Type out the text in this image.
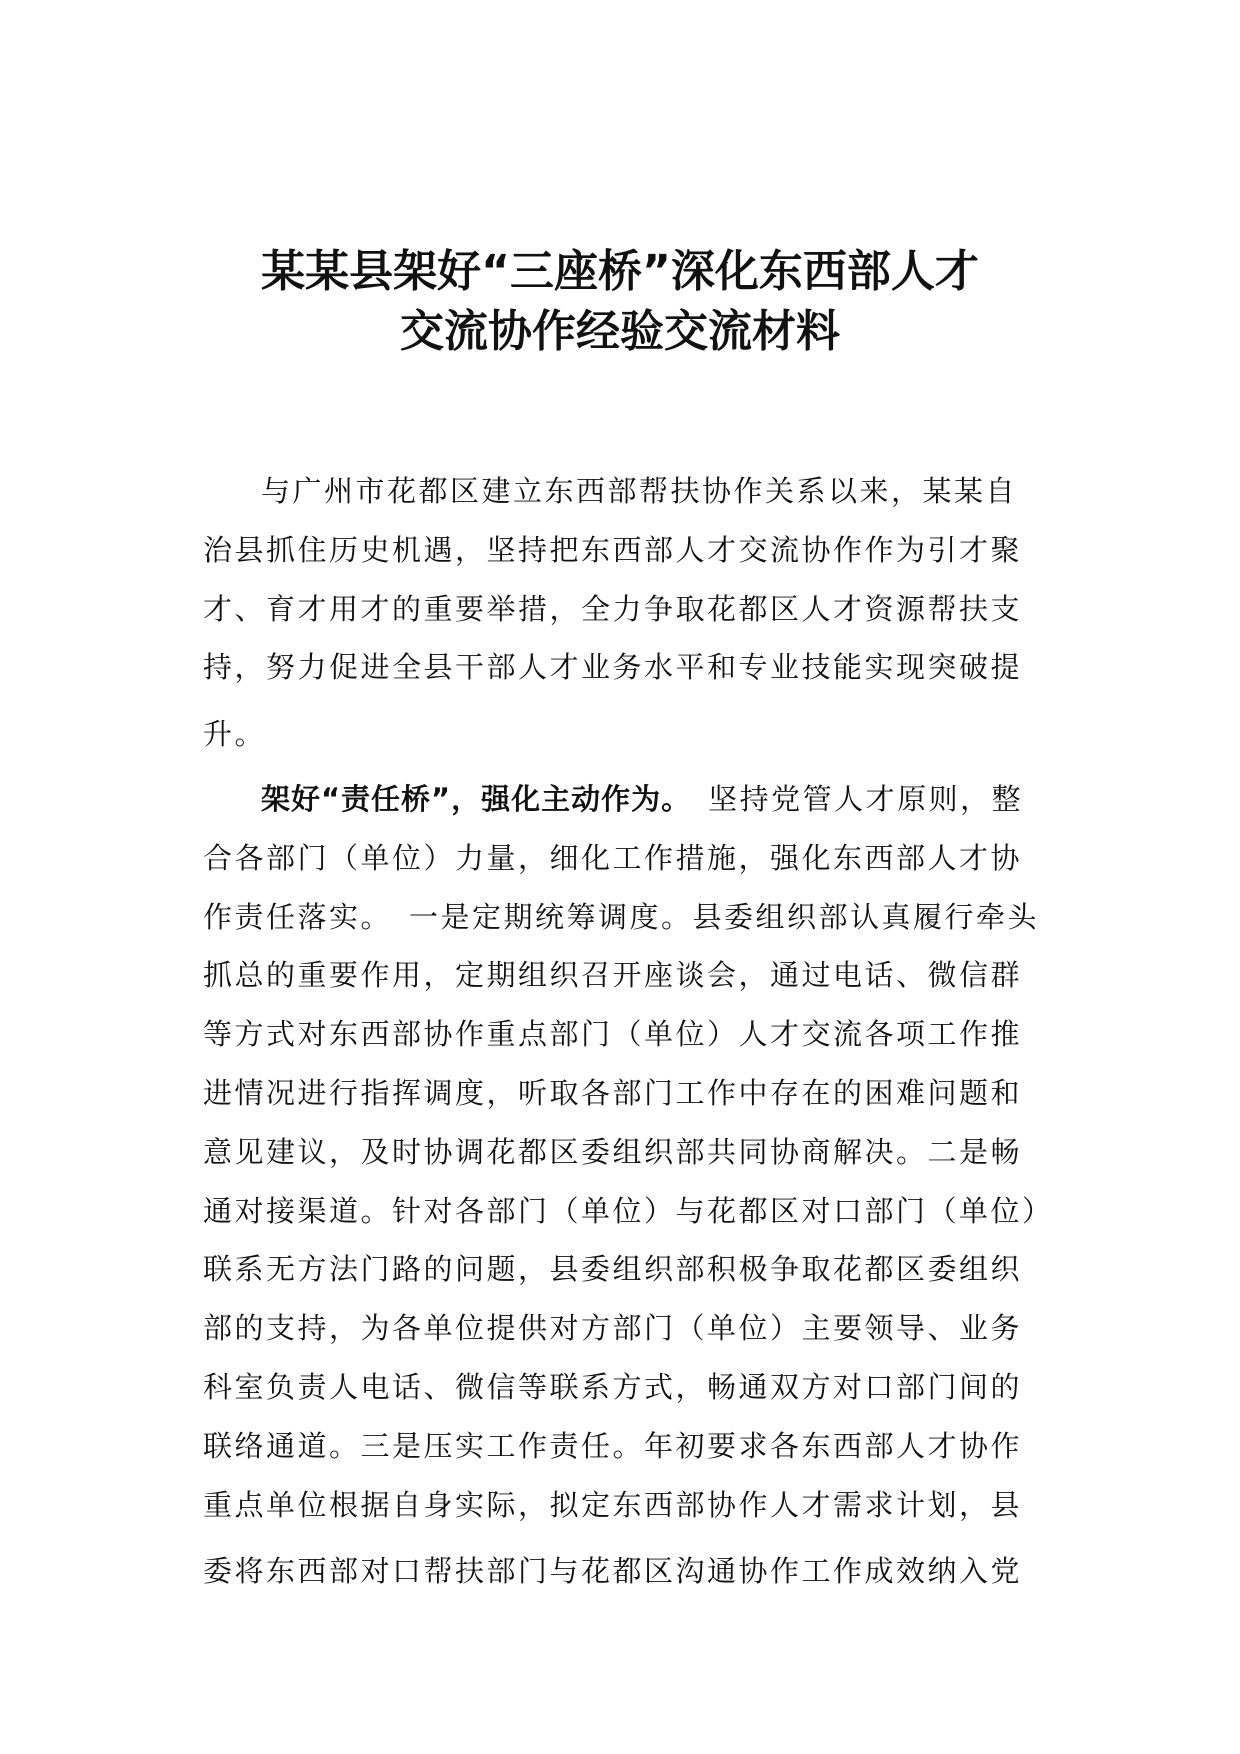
某某县架好“三座桥”深化东西部人才
交流协作经验交流材料
与广州市花都区建立东西部帮扶协作关系以来，某某自
治县抓住历史机遇，坚持把东西部人才交流协作作为引才聚
才、育才用才的重要举措，全力争取花都区人才资源帮扶支
持，努力促进全县干部人才业务水平和专业技能实现突破提
升。
架好“责任桥”，强化主动作为。　 坚持党管人才原则，整
合各部门（单位）力量，细化工作措施，强化东西部人才协
作责任落实。　一是定期统筹调度。县委组织部认真履行牵头
抓总的重要作用，定期组织召开座谈会，通过电话、微信群
等方式对东西部协作重点部门（单位）人才交流各项工作推
进情况进行指挥调度，听取各部门工作中存在的困难问题和
意见建议，及时协调花都区委组织部共同协商解决。二是畅
通对接渠道。针对各部门（单位）与花都区对口部门（单位）
联系无方法门路的问题，县委组织部积极争取花都区委组织
部的支持，为各单位提供对方部门（单位）主要领导、业务
科室负责人电话、微信等联系方式，畅通双方对口部门间的
联络通道。三是压实工作责任。年初要求各东西部人才协作
重点单位根据自身实际，拟定东西部协作人才需求计划，县
委将东西部对口帮扶部门与花都区沟通协作工作成效纳入党
